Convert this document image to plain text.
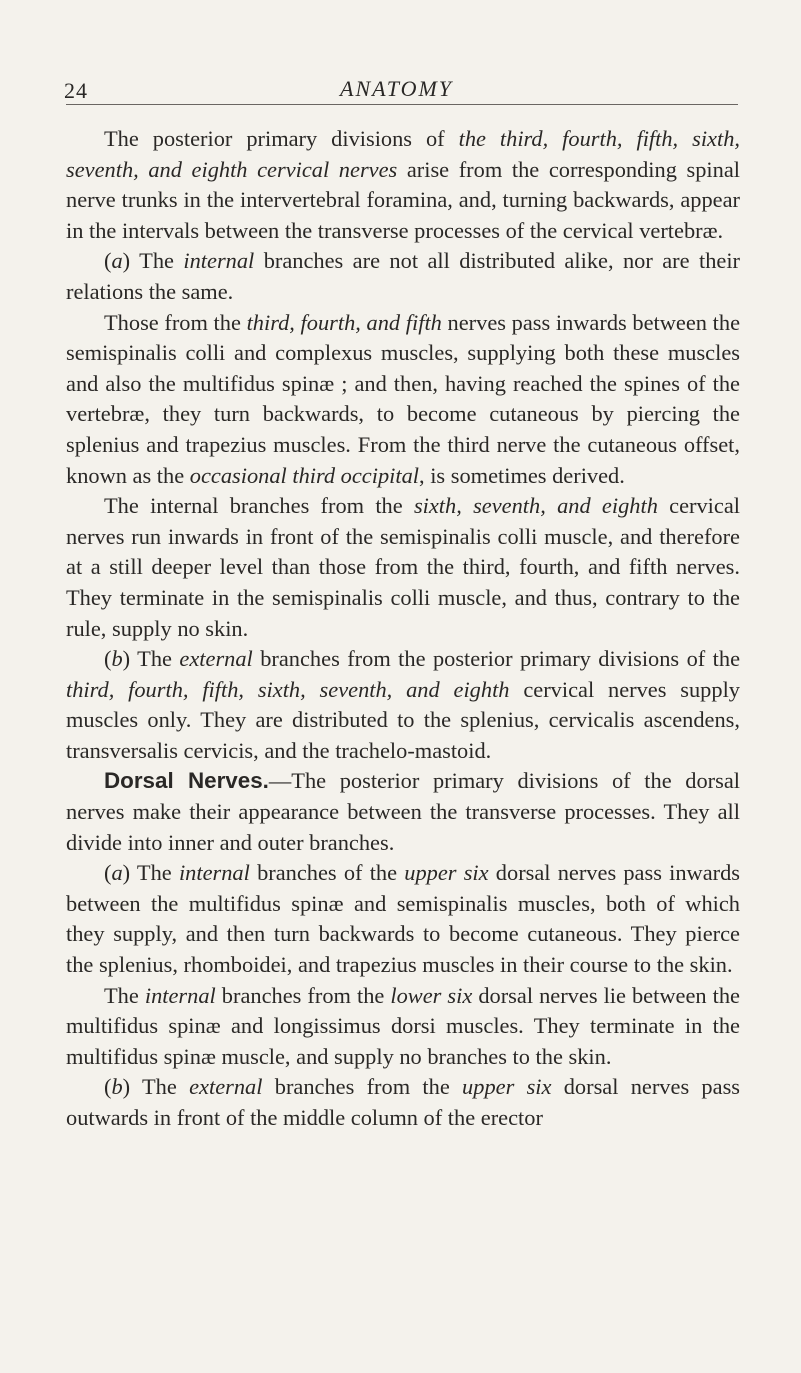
24	ANATOMY

The posterior primary divisions of the third, fourth, fifth, sixth, seventh, and eighth cervical nerves arise from the corresponding spinal nerve trunks in the intervertebral foramina, and, turning backwards, appear in the intervals between the transverse processes of the cervical vertebræ.

(a) The internal branches are not all distributed alike, nor are their relations the same.

Those from the third, fourth, and fifth nerves pass inwards between the semispinalis colli and complexus muscles, supplying both these muscles and also the multifidus spinæ ; and then, having reached the spines of the vertebræ, they turn backwards, to become cutaneous by piercing the splenius and trapezius muscles. From the third nerve the cutaneous offset, known as the occasional third occipital, is sometimes derived.

The internal branches from the sixth, seventh, and eighth cervical nerves run inwards in front of the semispinalis colli muscle, and therefore at a still deeper level than those from the third, fourth, and fifth nerves. They terminate in the semispinalis colli muscle, and thus, contrary to the rule, supply no skin.

(b) The external branches from the posterior primary divisions of the third, fourth, fifth, sixth, seventh, and eighth cervical nerves supply muscles only. They are distributed to the splenius, cervicalis ascendens, transversalis cervicis, and the trachelo-mastoid.

Dorsal Nerves.—The posterior primary divisions of the dorsal nerves make their appearance between the transverse processes. They all divide into inner and outer branches.

(a) The internal branches of the upper six dorsal nerves pass inwards between the multifidus spinæ and semispinalis muscles, both of which they supply, and then turn backwards to become cutaneous. They pierce the splenius, rhomboidei, and trapezius muscles in their course to the skin.

The internal branches from the lower six dorsal nerves lie between the multifidus spinæ and longissimus dorsi muscles. They terminate in the multifidus spinæ muscle, and supply no branches to the skin.

(b) The external branches from the upper six dorsal nerves pass outwards in front of the middle column of the erector
